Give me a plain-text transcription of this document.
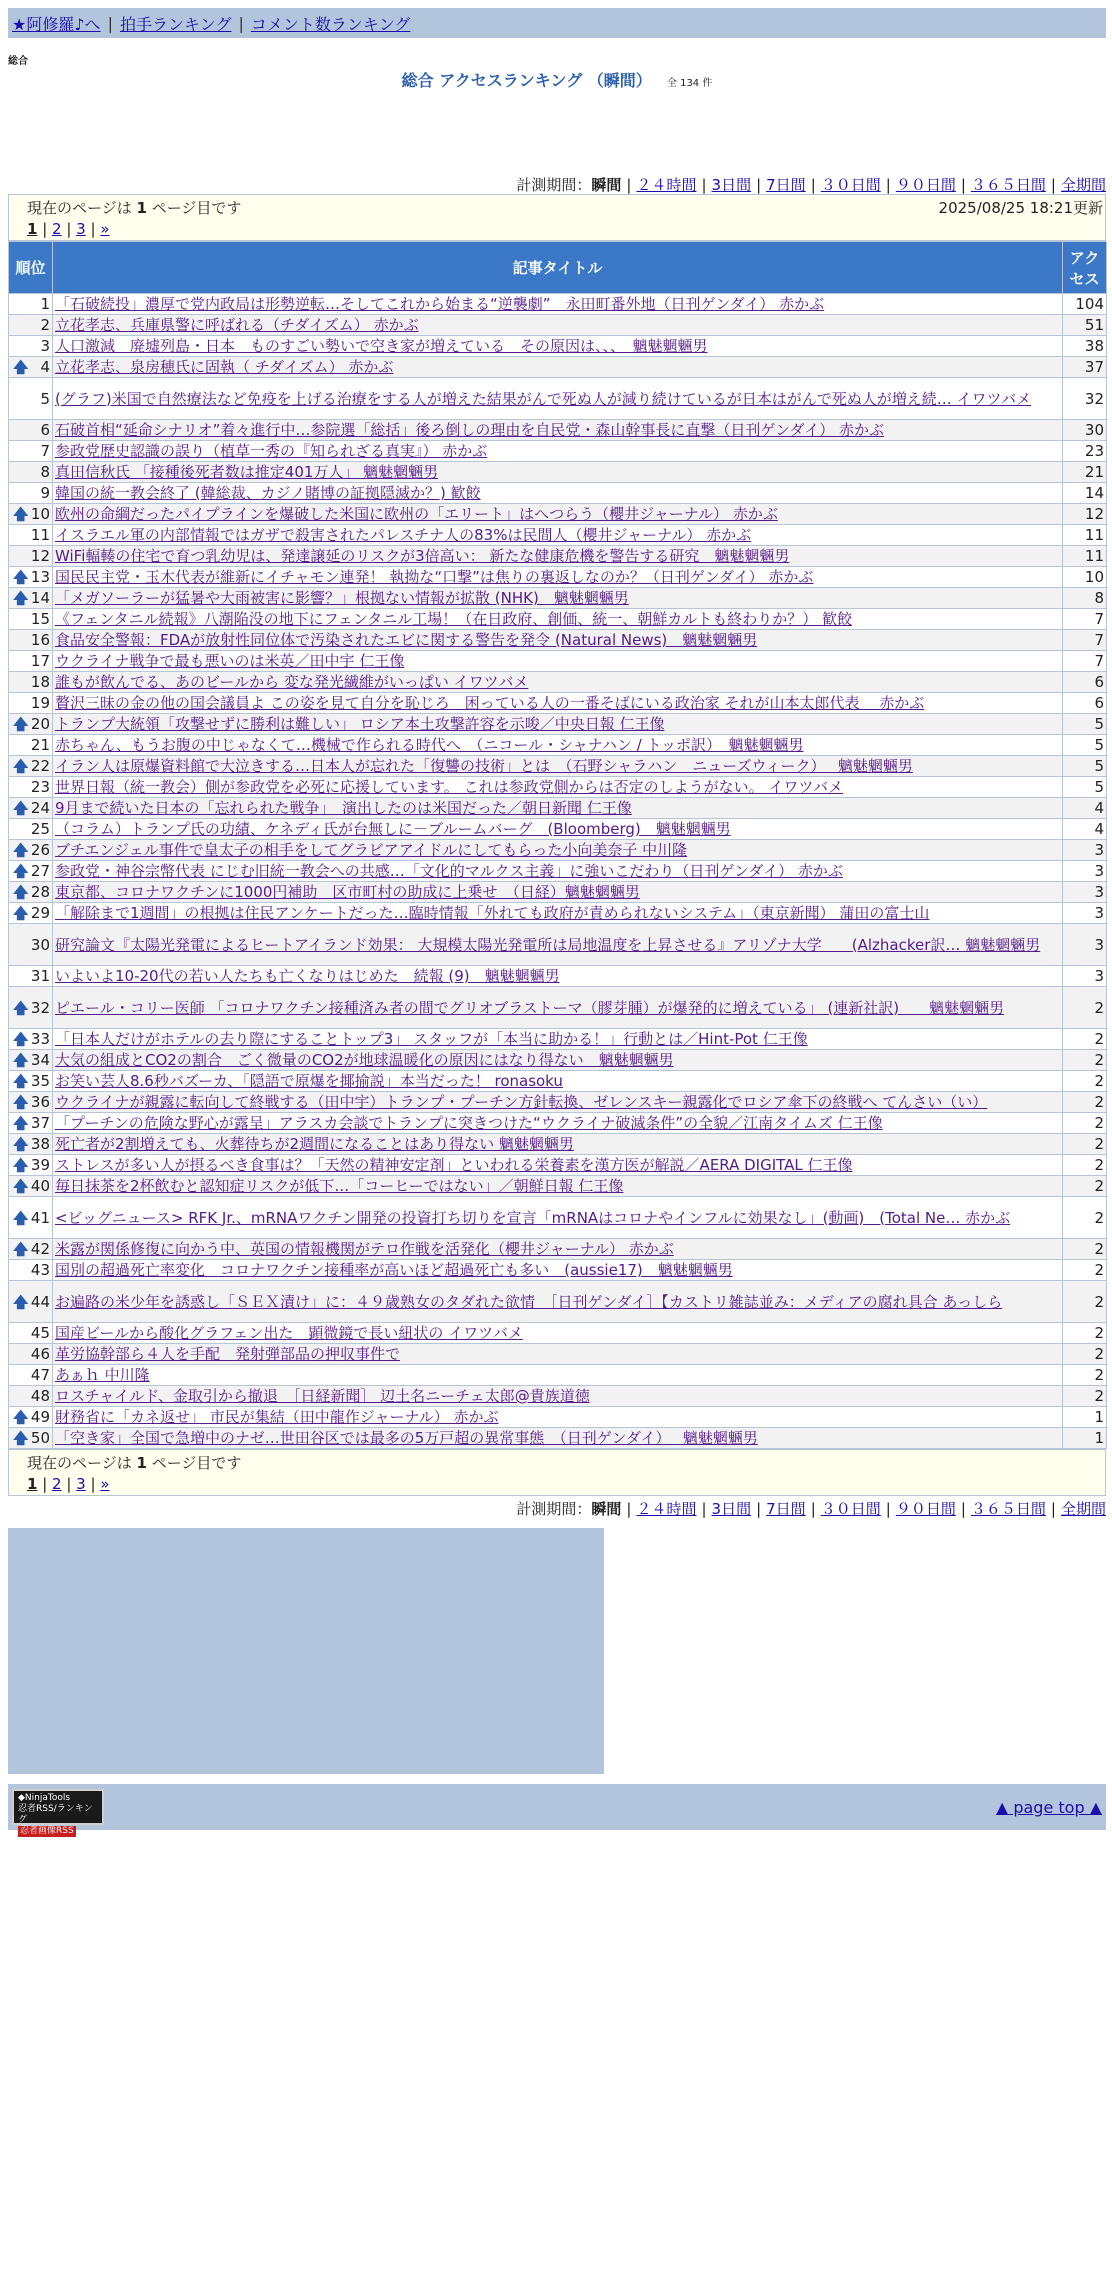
★阿修羅♪へ | 拍手ランキング | コメント数ランキング
総合
総合 アクセスランキング （瞬間） 全 134 件
計測期間：瞬間 | ２４時間 | 3日間 | 7日間 | ３０日間 | ９０日間 | ３６５日間 | 全期間
現在のページは 1 ページ目です	2025/08/25 18:21更新
1 | 2 | 3 | »
順位	記事タイトル	アクセス
1	「石破続投」濃厚で党内政局は形勢逆転…そしてこれから始まる“逆襲劇”　永田町番外地（日刊ゲンダイ） 赤かぶ	104
2	立花孝志、兵庫県警に呼ばれる（チダイズム） 赤かぶ	51
3	人口激減　廃墟列島・日本　ものすごい勢いで空き家が増えている　その原因は、、、　魑魅魍魎男	38

🡅 4	立花孝志、泉房穂氏に固執（ チダイズム） 赤かぶ	37
5	(グラフ)米国で自然療法など免疫を上げる治療をする人が増えた結果がんで死ぬ人が減り続けているが日本はがんで死ぬ人が増え続… イワツバメ	32
6	石破首相“延命シナリオ”着々進行中…参院選「総括」後ろ倒しの理由を自民党・森山幹事長に直撃（日刊ゲンダイ） 赤かぶ	30
7	参政党歴史認識の誤り（植草一秀の『知られざる真実』） 赤かぶ	23
8	真田信秋氏 「接種後死者数は推定401万人」 魑魅魍魎男	21
9	韓国の統一教会終了 (韓総裁、カジノ賭博の証拠隠滅か？) 歓餃	14

🡅 10	欧州の命綱だったパイプラインを爆破した米国に欧州の「エリート」はへつらう（櫻井ジャーナル） 赤かぶ	12
11	イスラエル軍の内部情報ではガザで殺害されたパレスチナ人の83%は民間人（櫻井ジャーナル） 赤かぶ	11
12	WiFi輻輳の住宅で育つ乳幼児は、発達譲延のリスクが3倍高い： 新たな健康危機を警告する研究　魑魅魍魎男	11

🡅 13	国民民主党・玉木代表が維新にイチャモン連発！ 執拗な“口撃”は焦りの裏返しなのか？（日刊ゲンダイ） 赤かぶ	10

🡅 14	「メガソーラーが猛暑や大雨被害に影響？」根拠ない情報が拡散 (NHK)　魑魅魍魎男	8
15	《フェンタニル続報》八潮陥没の地下にフェンタニル工場！（在日政府、創価、統一、朝鮮カルトも終わりか？） 歓餃	7
16	食品安全警報：FDAが放射性同位体で汚染されたエビに関する警告を発令 (Natural News)　魑魅魍魎男	7
17	ウクライナ戦争で最も悪いのは米英／田中宇 仁王像	7
18	誰もが飲んでる、あのビールから 変な発光繊維がいっぱい イワツバメ	6
19	贅沢三昧の金の他の国会議員よ この姿を見て自分を恥じろ　困っている人の一番そばにいる政治家 それが山本太郎代表　 赤かぶ	6

🡅 20	トランプ大統領「攻撃せずに勝利は難しい」 ロシア本土攻撃許容を示唆／中央日報 仁王像	5
21	赤ちゃん、もうお腹の中じゃなくて…機械で作られる時代へ　（ニコール・シャナハン / トッポ訳）　魑魅魍魎男	5

🡅 22	イラン人は原爆資料館で大泣きする…日本人が忘れた「復讐の技術」とは　（石野シャラハン　ニューズウィーク）　 魑魅魍魎男	5
23	世界日報（統一教会）側が参政党を必死に応援しています。 これは参政党側からは否定のしようがない。 イワツバメ	5

🡅 24	9月まで続いた日本の「忘れられた戦争」　演出したのは米国だった／朝日新聞 仁王像	4
25	（コラム）トランプ氏の功績、ケネディ氏が台無しに－ブルームバーグ　(Bloomberg)　魑魅魍魎男	4

🡅 26	ブチエンジェル事件で皇太子の相手をしてグラビアアイドルにしてもらった小向美奈子 中川隆	3

🡅 27	参政党・神谷宗幣代表 にじむ旧統一教会への共感…「文化的マルクス主義」に強いこだわり（日刊ゲンダイ） 赤かぶ	3

🡅 28	東京都、コロナワクチンに1000円補助　区市町村の助成に上乗せ　（日経）魑魅魍魎男	3

🡅 29	「解除まで1週間」の根拠は住民アンケートだった…臨時情報「外れても政府が責められないシステム」（東京新聞） 蒲田の富士山	3
30	研究論文『太陽光発電によるヒートアイランド効果： 大規模太陽光発電所は局地温度を上昇させる』アリゾナ大学　　(Alzhacker訳… 魑魅魍魎男	3
31	いよいよ10-20代の若い人たちも亡くなりはじめた　続報 (9)　魑魅魍魎男	3

🡅 32	ピエール・コリー医師 「コロナワクチン接種済み者の間でグリオブラストーマ（膠芽腫）が爆発的に増えている」 (連新社訳)　　魑魅魍魎男	2

🡅 33	「日本人だけがホテルの去り際にすることトップ3」 スタッフが「本当に助かる！」行動とは／Hint-Pot 仁王像	2

🡅 34	大気の組成とCO2の割合　ごく微量のCO2が地球温暖化の原因にはなり得ない　魑魅魍魎男	2

🡅 35	お笑い芸人8.6秒バズーカ、「隠語で原爆を揶揄説」本当だった！ ronasoku	2

🡅 36	ウクライナが親露に転向して終戦する（田中宇）トランプ・プーチン方針転換、ゼレンスキー親露化でロシア傘下の終戦へ てんさい（い）	2

🡅 37	「プーチンの危険な野心が露呈」アラスカ会談でトランプに突きつけた“ウクライナ破滅条件”の全貌／江南タイムズ 仁王像	2

🡅 38	死亡者が2割増えても、火葬待ちが2週間になることはあり得ない 魑魅魍魎男	2

🡅 39	ストレスが多い人が摂るべき食事は？「天然の精神安定剤」といわれる栄養素を漢方医が解説／AERA DIGITAL 仁王像	2

🡅 40	毎日抹茶を2杯飲むと認知症リスクが低下…「コーヒーではない」／朝鮮日報 仁王像	2

🡅 41	<ビッグニュース> RFK Jr.、mRNAワクチン開発の投資打ち切りを宣言「mRNAはコロナやインフルに効果なし」(動画)　(Total Ne… 赤かぶ	2

🡅 42	米露が関係修復に向かう中、英国の情報機関がテロ作戦を活発化（櫻井ジャーナル） 赤かぶ	2
43	国別の超過死亡率変化　コロナワクチン接種率が高いほど超過死亡も多い　(aussie17)　魑魅魍魎男	2

🡅 44	お遍路の米少年を誘惑し「ＳＥＸ漬け」に：４９歳熟女のタダれた欲情　［日刊ゲンダイ］【カストリ雑誌並み：メディアの腐れ具合 あっしら	2
45	国産ビールから酸化グラフェン出た　顕微鏡で長い紐状の イワツバメ	2
46	革労協幹部ら４人を手配　発射弾部品の押収事件で	2
47	あぁｈ 中川隆	2
48	ロスチャイルド、金取引から撤退　［日経新聞］ 辺土名ニーチェ太郎@貴族道徳	2

🡅 49	財務省に「カネ返せ」 市民が集結（田中龍作ジャーナル） 赤かぶ	1

🡅 50	「空き家」全国で急増中のナゼ…世田谷区では最多の5万戸超の異常事態　（日刊ゲンダイ）　 魑魅魍魎男	1
現在のページは 1 ページ目です
1 | 2 | 3 | »
計測期間：瞬間 | ２４時間 | 3日間 | 7日間 | ３０日間 | ９０日間 | ３６５日間 | 全期間
◆NinjaTools
忍者RSS/ランキング
忍者画像RSS
▲ page top ▲
